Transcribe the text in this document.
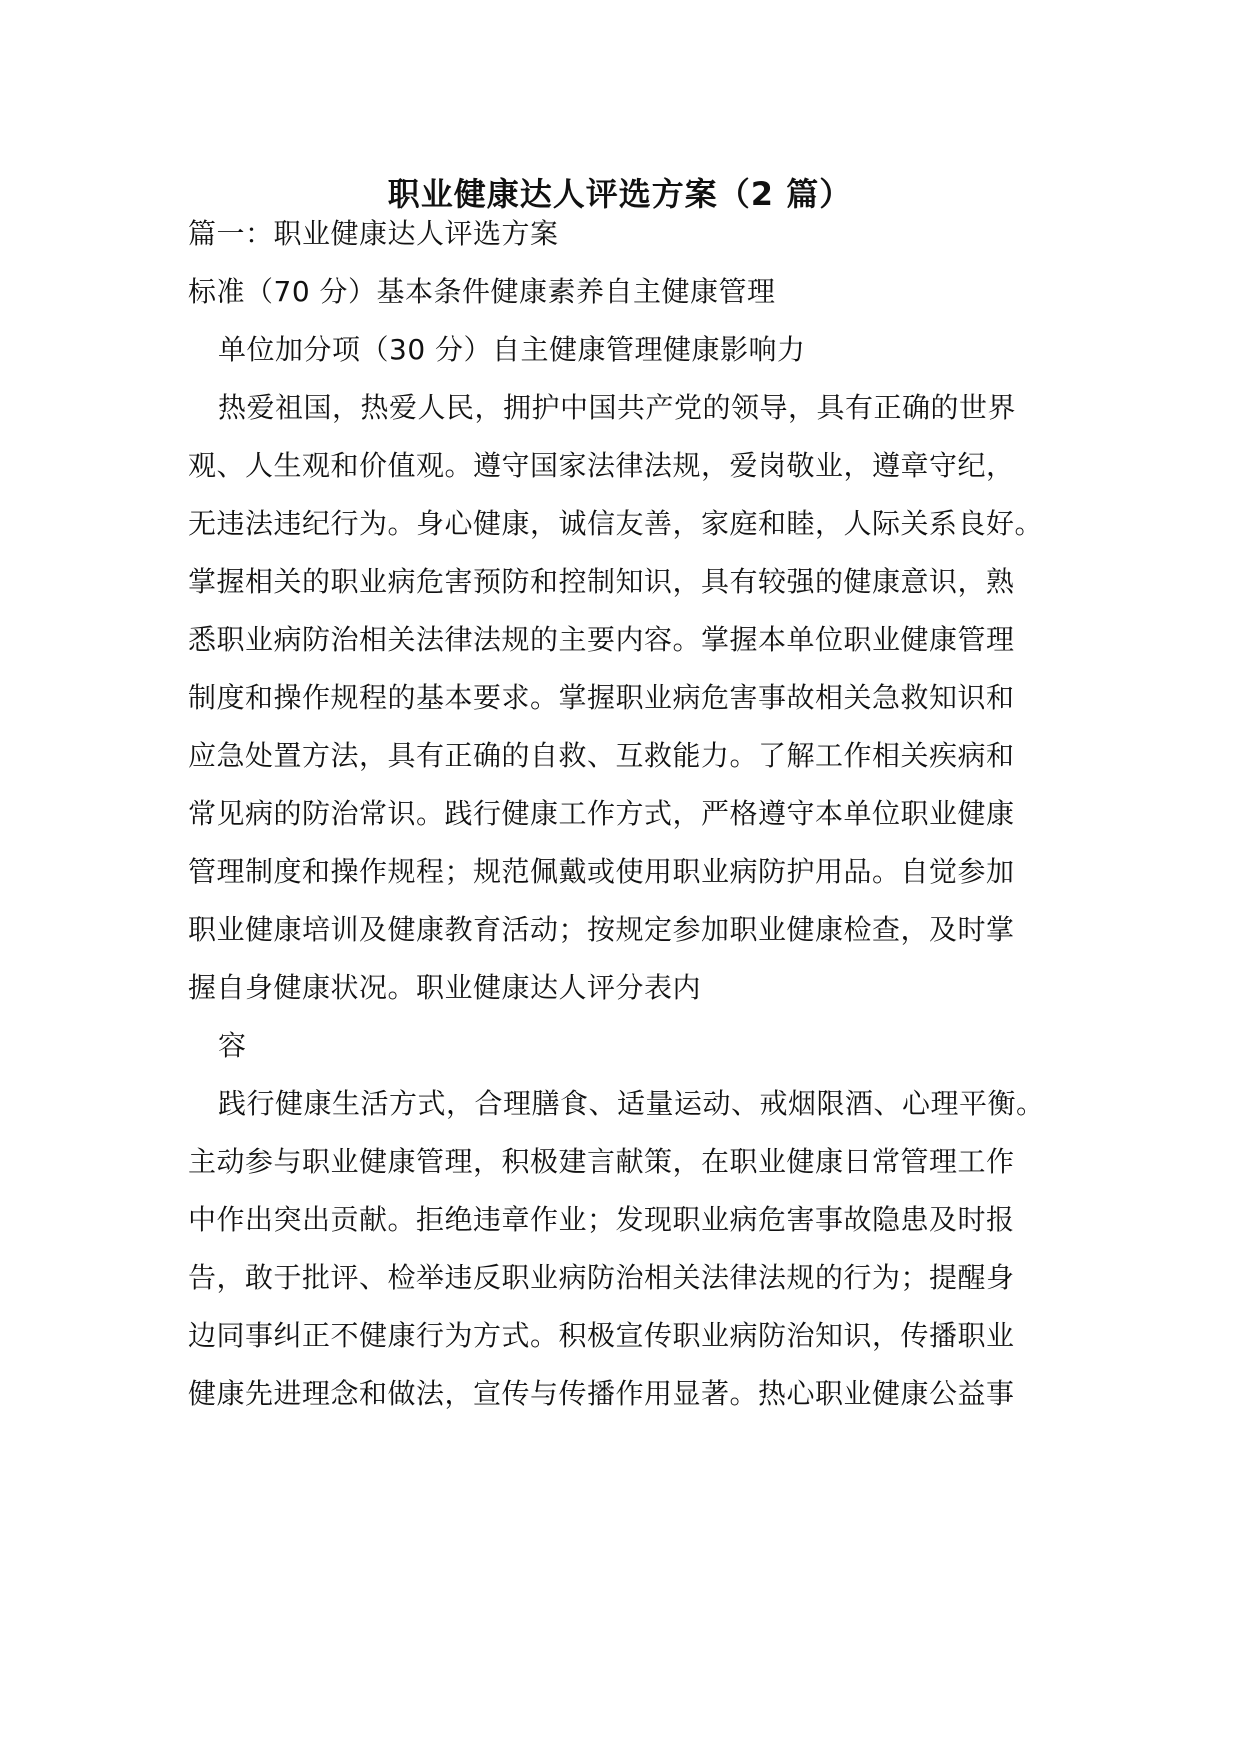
职业健康达人评选方案（2 篇）
篇一：职业健康达人评选方案
标准（70 分）基本条件健康素养自主健康管理
单位加分项（30 分）自主健康管理健康影响力
热爱祖国，热爱人民，拥护中国共产党的领导，具有正确的世界
观、人生观和价值观。遵守国家法律法规，爱岗敬业，遵章守纪，
无违法违纪行为。身心健康，诚信友善，家庭和睦，人际关系良好。
掌握相关的职业病危害预防和控制知识，具有较强的健康意识，熟
悉职业病防治相关法律法规的主要内容。掌握本单位职业健康管理
制度和操作规程的基本要求。掌握职业病危害事故相关急救知识和
应急处置方法，具有正确的自救、互救能力。了解工作相关疾病和
常见病的防治常识。践行健康工作方式，严格遵守本单位职业健康
管理制度和操作规程；规范佩戴或使用职业病防护用品。自觉参加
职业健康培训及健康教育活动；按规定参加职业健康检查，及时掌
握自身健康状况。职业健康达人评分表内
容
践行健康生活方式，合理膳食、适量运动、戒烟限酒、心理平衡。
主动参与职业健康管理，积极建言献策，在职业健康日常管理工作
中作出突出贡献。拒绝违章作业；发现职业病危害事故隐患及时报
告，敢于批评、检举违反职业病防治相关法律法规的行为；提醒身
边同事纠正不健康行为方式。积极宣传职业病防治知识，传播职业
健康先进理念和做法，宣传与传播作用显著。热心职业健康公益事
